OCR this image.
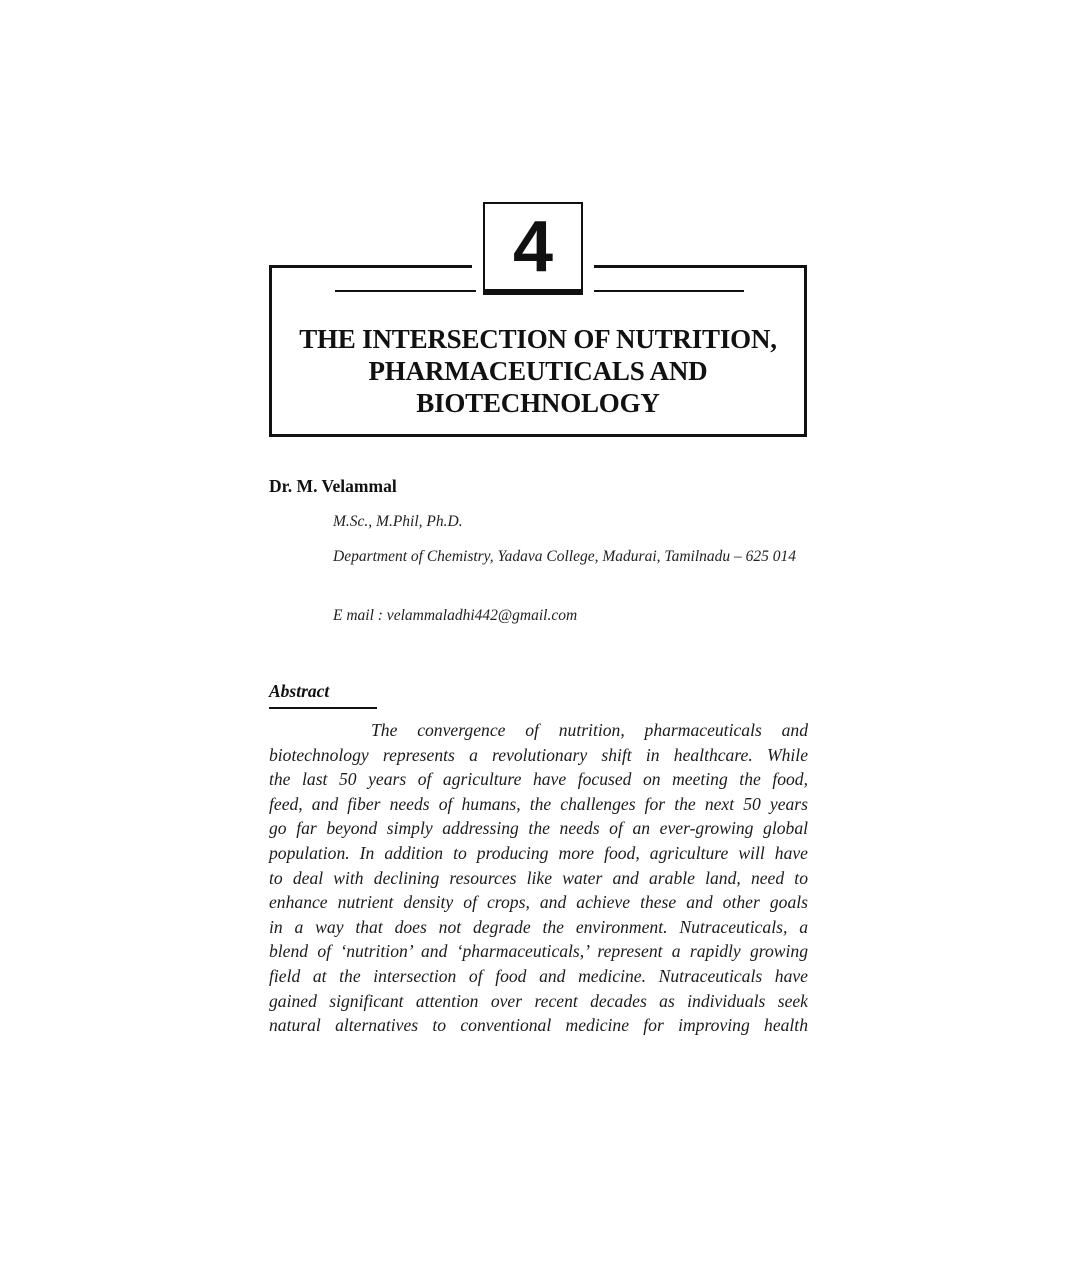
4
THE INTERSECTION OF NUTRITION,
PHARMACEUTICALS AND
BIOTECHNOLOGY
Dr. M. Velammal
M.Sc., M.Phil, Ph.D.
Department of Chemistry, Yadava College, Madurai, Tamilnadu – 625 014
E mail : velammaladhi442@gmail.com
Abstract
The convergence of nutrition, pharmaceuticals and
biotechnology represents a revolutionary shift in healthcare. While
the last 50 years of agriculture have focused on meeting the food,
feed, and fiber needs of humans, the challenges for the next 50 years
go far beyond simply addressing the needs of an ever-growing global
population. In addition to producing more food, agriculture will have
to deal with declining resources like water and arable land, need to
enhance nutrient density of crops, and achieve these and other goals
in a way that does not degrade the environment. Nutraceuticals, a
blend of ‘nutrition’ and ‘pharmaceuticals,’ represent a rapidly growing
field at the intersection of food and medicine. Nutraceuticals have
gained significant attention over recent decades as individuals seek
natural alternatives to conventional medicine for improving health
